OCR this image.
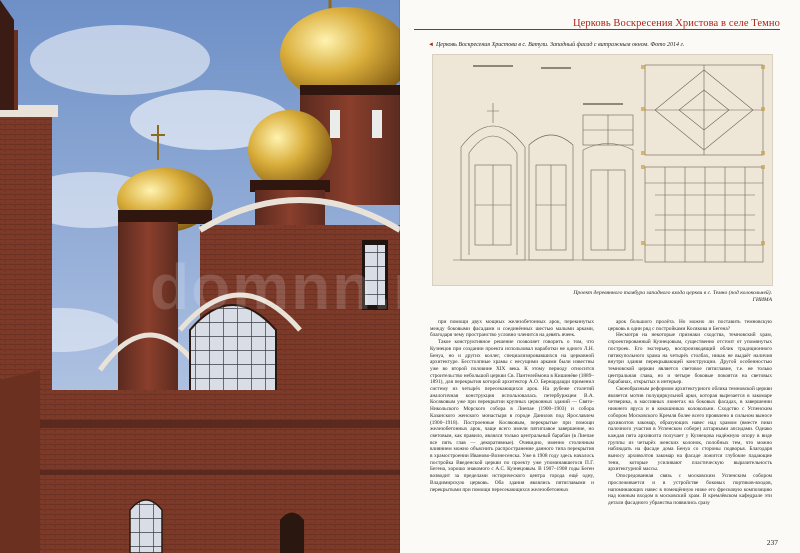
Церковь Воскресения Христова в селе Темно
◄ Церковь Воскресения Христова в с. Ватули. Западный фасад с витражным окном. Фото 2014 г.
Проект деревянного тамбура западного входа церкви в с. Темно (под колокольней). ГИИМА

при помощи двух мощных железобетонных арок, перекинутых между боковыми фасадами и соединённых шестью малыми арками, благодаря чему пространство условно членится на девять ячеек.

Такое конструктивное решение позволяет говорить о том, что Кузнецов при создании проекта использовал наработки не одного Л.Н. Бенуа, но и других коллег, специализировавшихся на церковной архитектуре. Бесстолпные храмы с несущими арками были известны уже во второй половине XIX века. К этому периоду относится строительство небольшой церкви Св. Пантелеймона в Кишинёве (1889–1891), для перекрытия которой архитектор А.О. Бернардацци применил систему из четырёх пересекающихся арок. На рубеже столетий аналогичная конструкция использовалась петербуржцем В.А. Косяковым уже при перекрытии крупных церковных зданий — Свято-Никольского Морского собора в Лиепае (1900–1903) и собора Казанского женского монастыря в городе Данилов под Ярославлем (1900–1918). Построенные Косяковым, перекрытые при помощи железобетонных арок, чаще всего имели пятиглавое завершение, но световым, как правило, являлся только центральный барабан (в Лиепае все пять глав — декоративные). Очевидно, именно столичным влиянием можно объяснить распространение данного типа перекрытия в храмостроении Иваново-Вознесенска. Уже в 1908 году здесь началось постройка Введенской церкви по проекту уже упоминавшегося П.Г. Бегена, хорошо знакомого с А.С. Кузнецовым. В 1907–1908 годы Беген возводит за пределами исторического центра города ещё одну, Владимирскую церковь. Оба здания являлись пятиглавыми и перекрытыми при помощи пересекающихся железобетонных

арок большого пролёта. Но можно ли поставить темновскую церковь в один ряд с постройками Косякова и Бегена?

Несмотря на некоторые признаки сходства, темновский храм, спроектированный Кузнецовым, существенно отстоит от упомянутых построек. Его экстерьер, воспроизводящий облик традиционного пятикупольного храма на четырёх столбах, никак не выдаёт наличия внутри здания перекрывающей конструкции. Другой особенностью темновской церкви является световое пятиглавие, т.е. не только центральная глава, но и четыре боковые покоятся на световых барабанах, открытых в интерьер.

Своеобразным реформом архитектурного облика темновской церкви является мотив полуциркульной арки, которая вырезается в закомаре четверика, в массивных люнетах на боковых фасадах, в завершении нижнего яруса и в кокошниках колокольни. Сходство с Успенским собором Московского Кремля более всего проявлено в сильном выносе архиволтов закомар, образующих навес над храмом (вместе пики палочного участия в Успенском соборе) алтарными апсидами. Однако каждая пята архиволта получает у Кузнецова надёжную опору в виде группы из четырёх женских колонок, полобных тем, что можно наблюдать на фасаде дома Бенуа со стороны подворья. Благодаря выносу архиволтов закомар на фасаде ложится глубокие падающие тени, которые усиливают пластическую выразительность архитектурной массы.

Опосредованная связь с московским Успенским собором прослеживается и в устройстве боковых портиков-входов, напоминающих навес в помещённую ниже его фресковую композицию над южным входом в московский храм. В кремлёвском кафедрале эти детали фасадного убранства появились сразу

237
